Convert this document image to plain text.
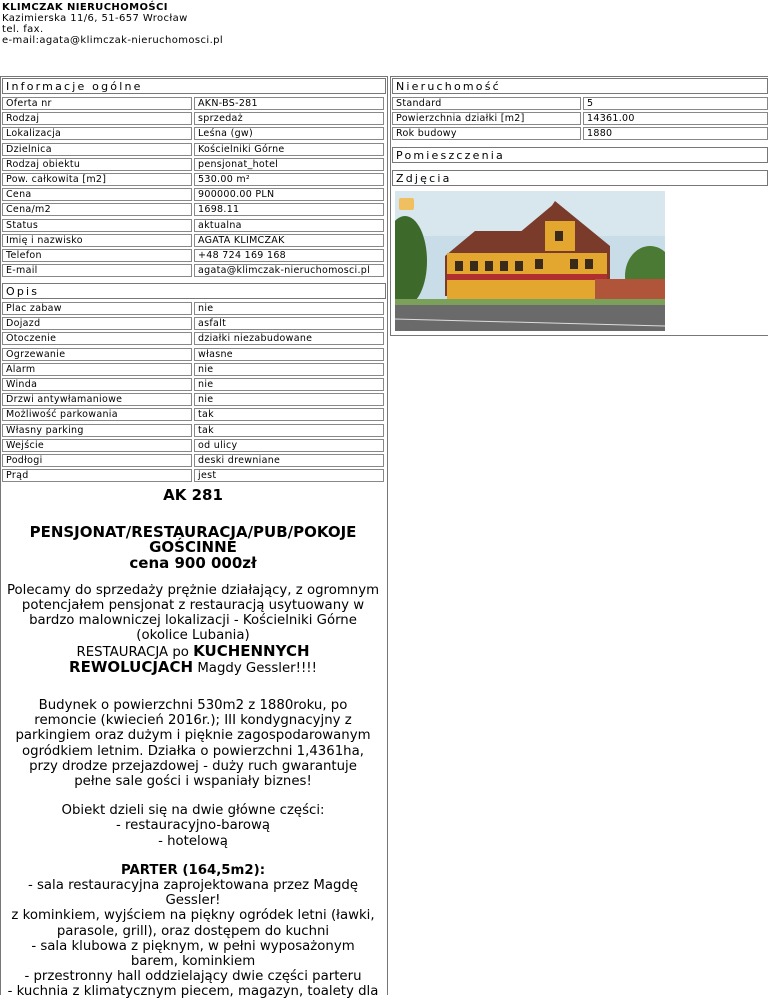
KLIMCZAK NIERUCHOMOŚCI
Kazimierska 11/6, 51-657 Wrocław
tel. fax.
e-mail:agata@klimczak-nieruchomosci.pl
Informacje ogólne
Oferta nr	AKN-BS-281
Rodzaj	sprzedaż
Lokalizacja	Leśna (gw)
Dzielnica	Kościelniki Górne
Rodzaj obiektu	pensjonat_hotel
Pow. całkowita [m2]	530.00 m²
Cena	900000.00 PLN
Cena/m2	1698.11
Status	aktualna
Imię i nazwisko	AGATA KLIMCZAK
Telefon	+48 724 169 168
E-mail	agata@klimczak-nieruchomosci.pl
Opis
Plac zabaw	nie
Dojazd	asfalt
Otoczenie	działki niezabudowane
Ogrzewanie	własne
Alarm	nie
Winda	nie
Drzwi antywłamaniowe	nie
Możliwość parkowania	tak
Własny parking	tak
Wejście	od ulicy
Podłogi	deski drewniane
Prąd	jest
Nieruchomość
Standard	5
Powierzchnia działki [m2]	14361.00
Rok budowy	1880
Pomieszczenia
Zdjęcia

AK 281

PENSJONAT/RESTAURACJA/PUB/POKOJE

GOŚCINNE

cena 900 000zł

Polecamy do sprzedaży prężnie działający, z ogromnym

potencjałem pensjonat z restauracją usytuowany w

bardzo malowniczej lokalizacji - Kościelniki Górne

(okolice Lubania)

RESTAURACJA po KUCHENNYCH

REWOLUCJACH Magdy Gessler!!!!

Budynek o powierzchni 530m2 z 1880roku, po

remoncie (kwiecień 2016r.); III kondygnacyjny z

parkingiem oraz dużym i pięknie zagospodarowanym

ogródkiem letnim. Działka o powierzchni 1,4361ha,

przy drodze przejazdowej - duży ruch gwarantuje

pełne sale gości i wspaniały biznes!

Obiekt dzieli się na dwie główne części:

- restauracyjno-barową

- hotelową

PARTER (164,5m2):

- sala restauracyjna zaprojektowana przez Magdę

Gessler!

z kominkiem, wyjściem na piękny ogródek letni (ławki,

parasole, grill), oraz dostępem do kuchni

- sala klubowa z pięknym, w pełni wyposażonym

barem, kominkiem

- przestronny hall oddzielający dwie części parteru

- kuchnia z klimatycznym piecem, magazyn, toalety dla
